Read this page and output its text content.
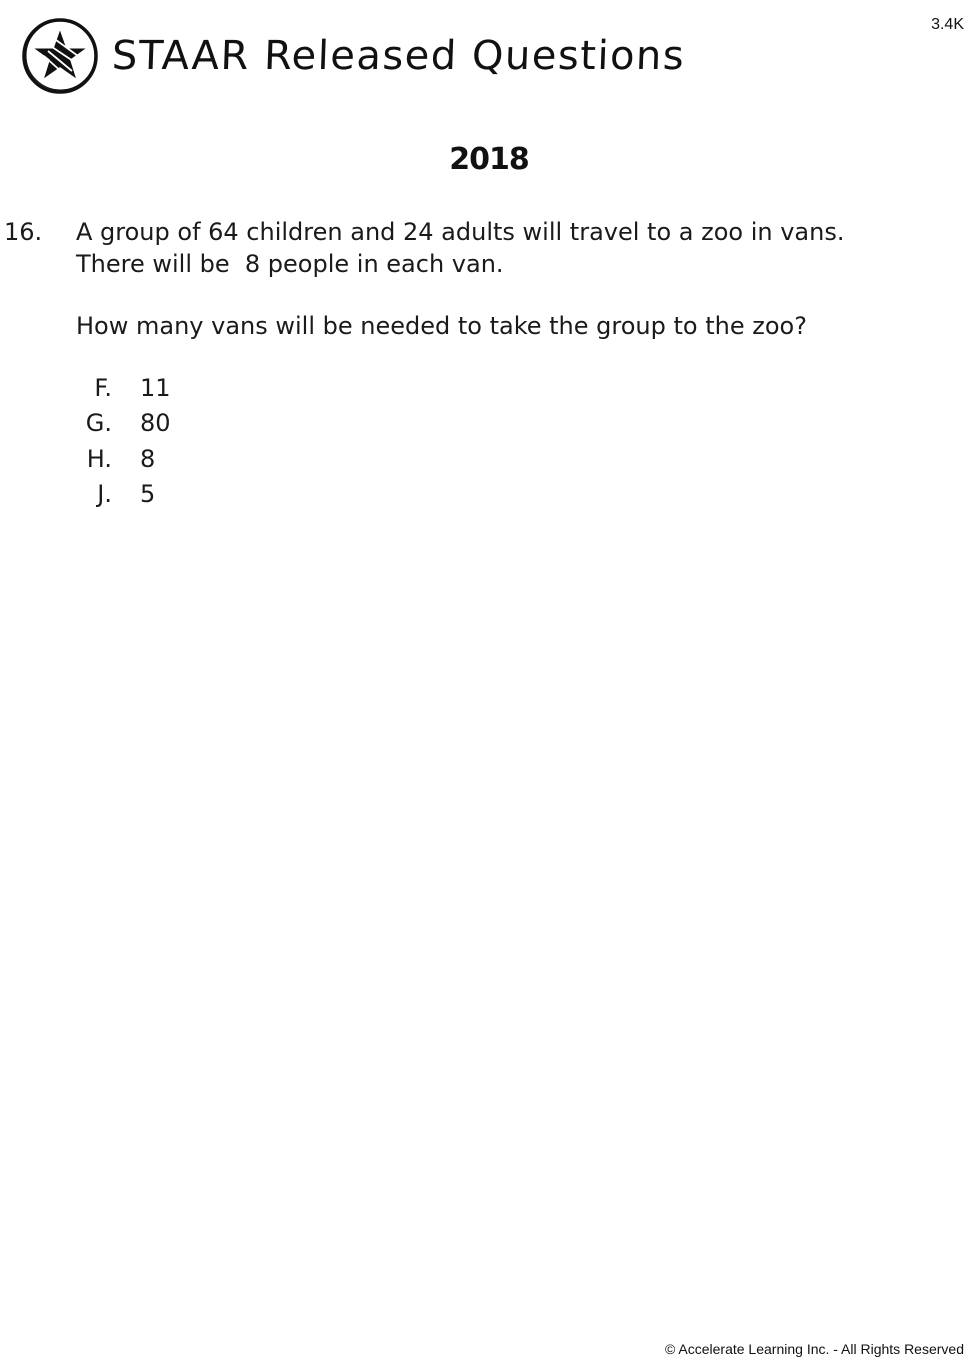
3.4K
STAAR Released Questions
2018
16. A group of 64 children and 24 adults will travel to a zoo in vans.
There will be  8 people in each van.
How many vans will be needed to take the group to the zoo?
F. 11
G. 80
H. 8
J. 5
© Accelerate Learning Inc. - All Rights Reserved
